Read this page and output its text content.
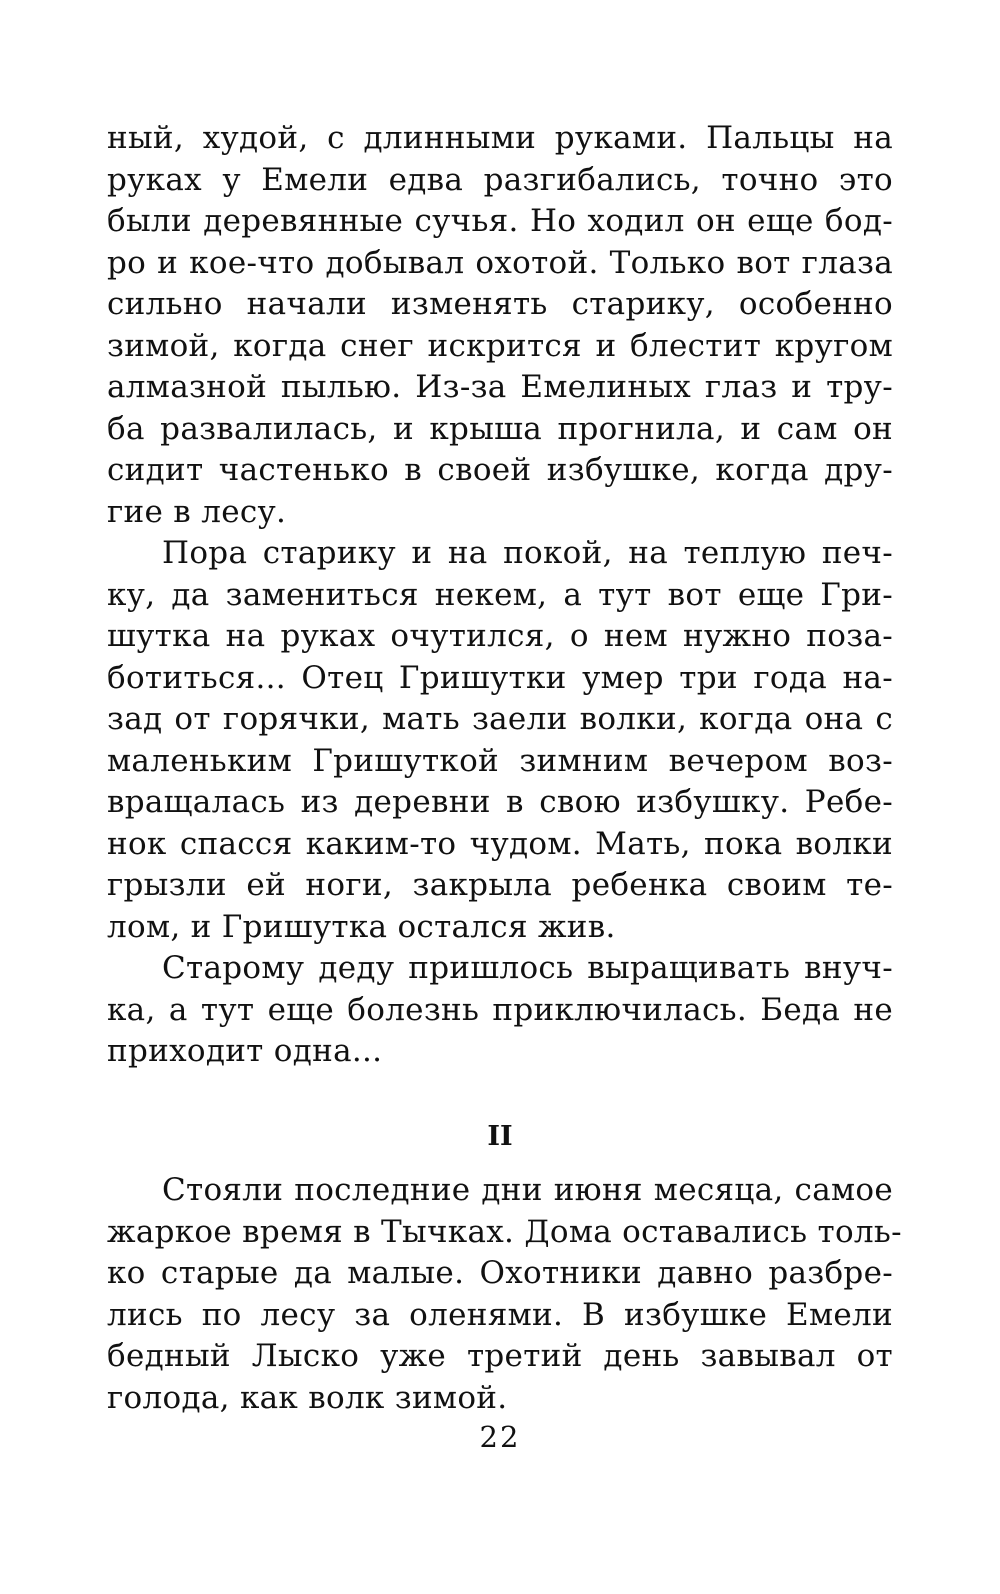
ный, худой, с длинными руками. Пальцы на
руках у Емели едва разгибались, точно это
были деревянные сучья. Но ходил он еще бод-
ро и кое-что добывал охотой. Только вот глаза
сильно начали изменять старику, особенно
зимой, когда снег искрится и блестит кругом
алмазной пылью. Из-за Емелиных глаз и тру-
ба развалилась, и крыша прогнила, и сам он
сидит частенько в своей избушке, когда дру-
гие в лесу.
Пора старику и на покой, на теплую печ-
ку, да замениться некем, а тут вот еще Гри-
шутка на руках очутился, о нем нужно поза-
ботиться... Отец Гришутки умер три года на-
зад от горячки, мать заели волки, когда она с
маленьким Гришуткой зимним вечером воз-
вращалась из деревни в свою избушку. Ребе-
нок спасся каким-то чудом. Мать, пока волки
грызли ей ноги, закрыла ребенка своим те-
лом, и Гришутка остался жив.
Старому деду пришлось выращивать внуч-
ка, а тут еще болезнь приключилась. Беда не
приходит одна...
II
Стояли последние дни июня месяца, самое
жаркое время в Тычках. Дома оставались толь-
ко старые да малые. Охотники давно разбре-
лись по лесу за оленями. В избушке Емели
бедный Лыско уже третий день завывал от
голода, как волк зимой.
22
